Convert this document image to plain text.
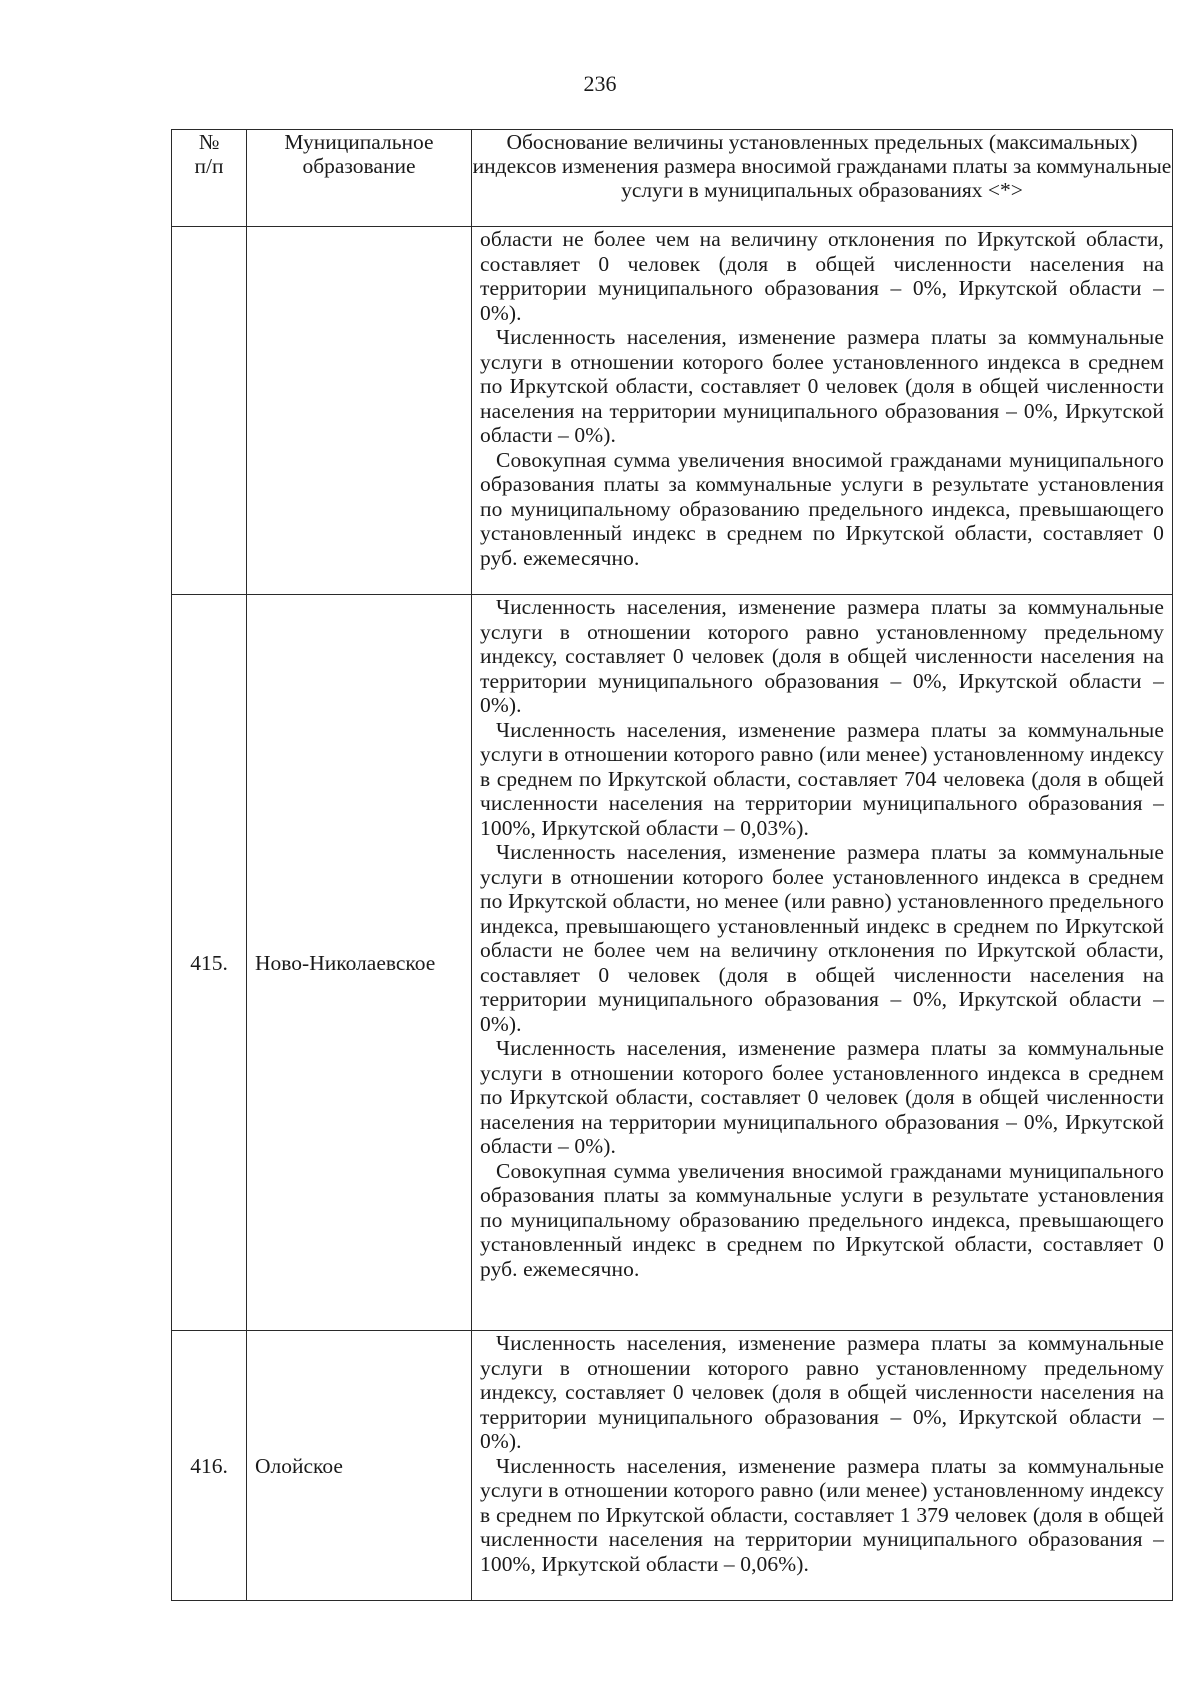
236
№ п/п	Муниципальное образование	Обоснование величины установленных предельных (максимальных) индексов изменения размера вносимой гражданами платы за коммунальные услуги в муниципальных образованиях <*>

		области не более чем на величину отклонения по Иркутской области, составляет 0 человек (доля в общей численности населения на территории муниципального образования – 0%, Иркутской области – 0%).

Численность населения, изменение размера платы за коммунальные услуги в отношении которого более установленного индекса в среднем по Иркутской области, составляет 0 человек (доля в общей численности населения на территории муниципального образования – 0%, Иркутской области – 0%).

Совокупная сумма увеличения вносимой гражданами муниципального образования платы за коммунальные услуги в результате установления по муниципальному образованию предельного индекса, превышающего установленный индекс в среднем по Иркутской области, составляет 0 руб. ежемесячно.

415.	Ново-Николаевское	Численность населения, изменение размера платы за коммунальные услуги в отношении которого равно установленному предельному индексу, составляет 0 человек (доля в общей численности населения на территории муниципального образования – 0%, Иркутской области – 0%).

Численность населения, изменение размера платы за коммунальные услуги в отношении которого равно (или менее) установленному индексу в среднем по Иркутской области, составляет 704 человека (доля в общей численности населения на территории муниципального образования – 100%, Иркутской области – 0,03%).

Численность населения, изменение размера платы за коммунальные услуги в отношении которого более установленного индекса в среднем по Иркутской области, но менее (или равно) установленного предельного индекса, превышающего установленный индекс в среднем по Иркутской области не более чем на величину отклонения по Иркутской области, составляет 0 человек (доля в общей численности населения на территории муниципального образования – 0%, Иркутской области – 0%).

Численность населения, изменение размера платы за коммунальные услуги в отношении которого более установленного индекса в среднем по Иркутской области, составляет 0 человек (доля в общей численности населения на территории муниципального образования – 0%, Иркутской области – 0%).

Совокупная сумма увеличения вносимой гражданами муниципального образования платы за коммунальные услуги в результате установления по муниципальному образованию предельного индекса, превышающего установленный индекс в среднем по Иркутской области, составляет 0 руб. ежемесячно.

416.	Олойское	Численность населения, изменение размера платы за коммунальные услуги в отношении которого равно установленному предельному индексу, составляет 0 человек (доля в общей численности населения на территории муниципального образования – 0%, Иркутской области – 0%).

Численность населения, изменение размера платы за коммунальные услуги в отношении которого равно (или менее) установленному индексу в среднем по Иркутской области, составляет 1 379 человек (доля в общей численности населения на территории муниципального образования – 100%, Иркутской области – 0,06%).
